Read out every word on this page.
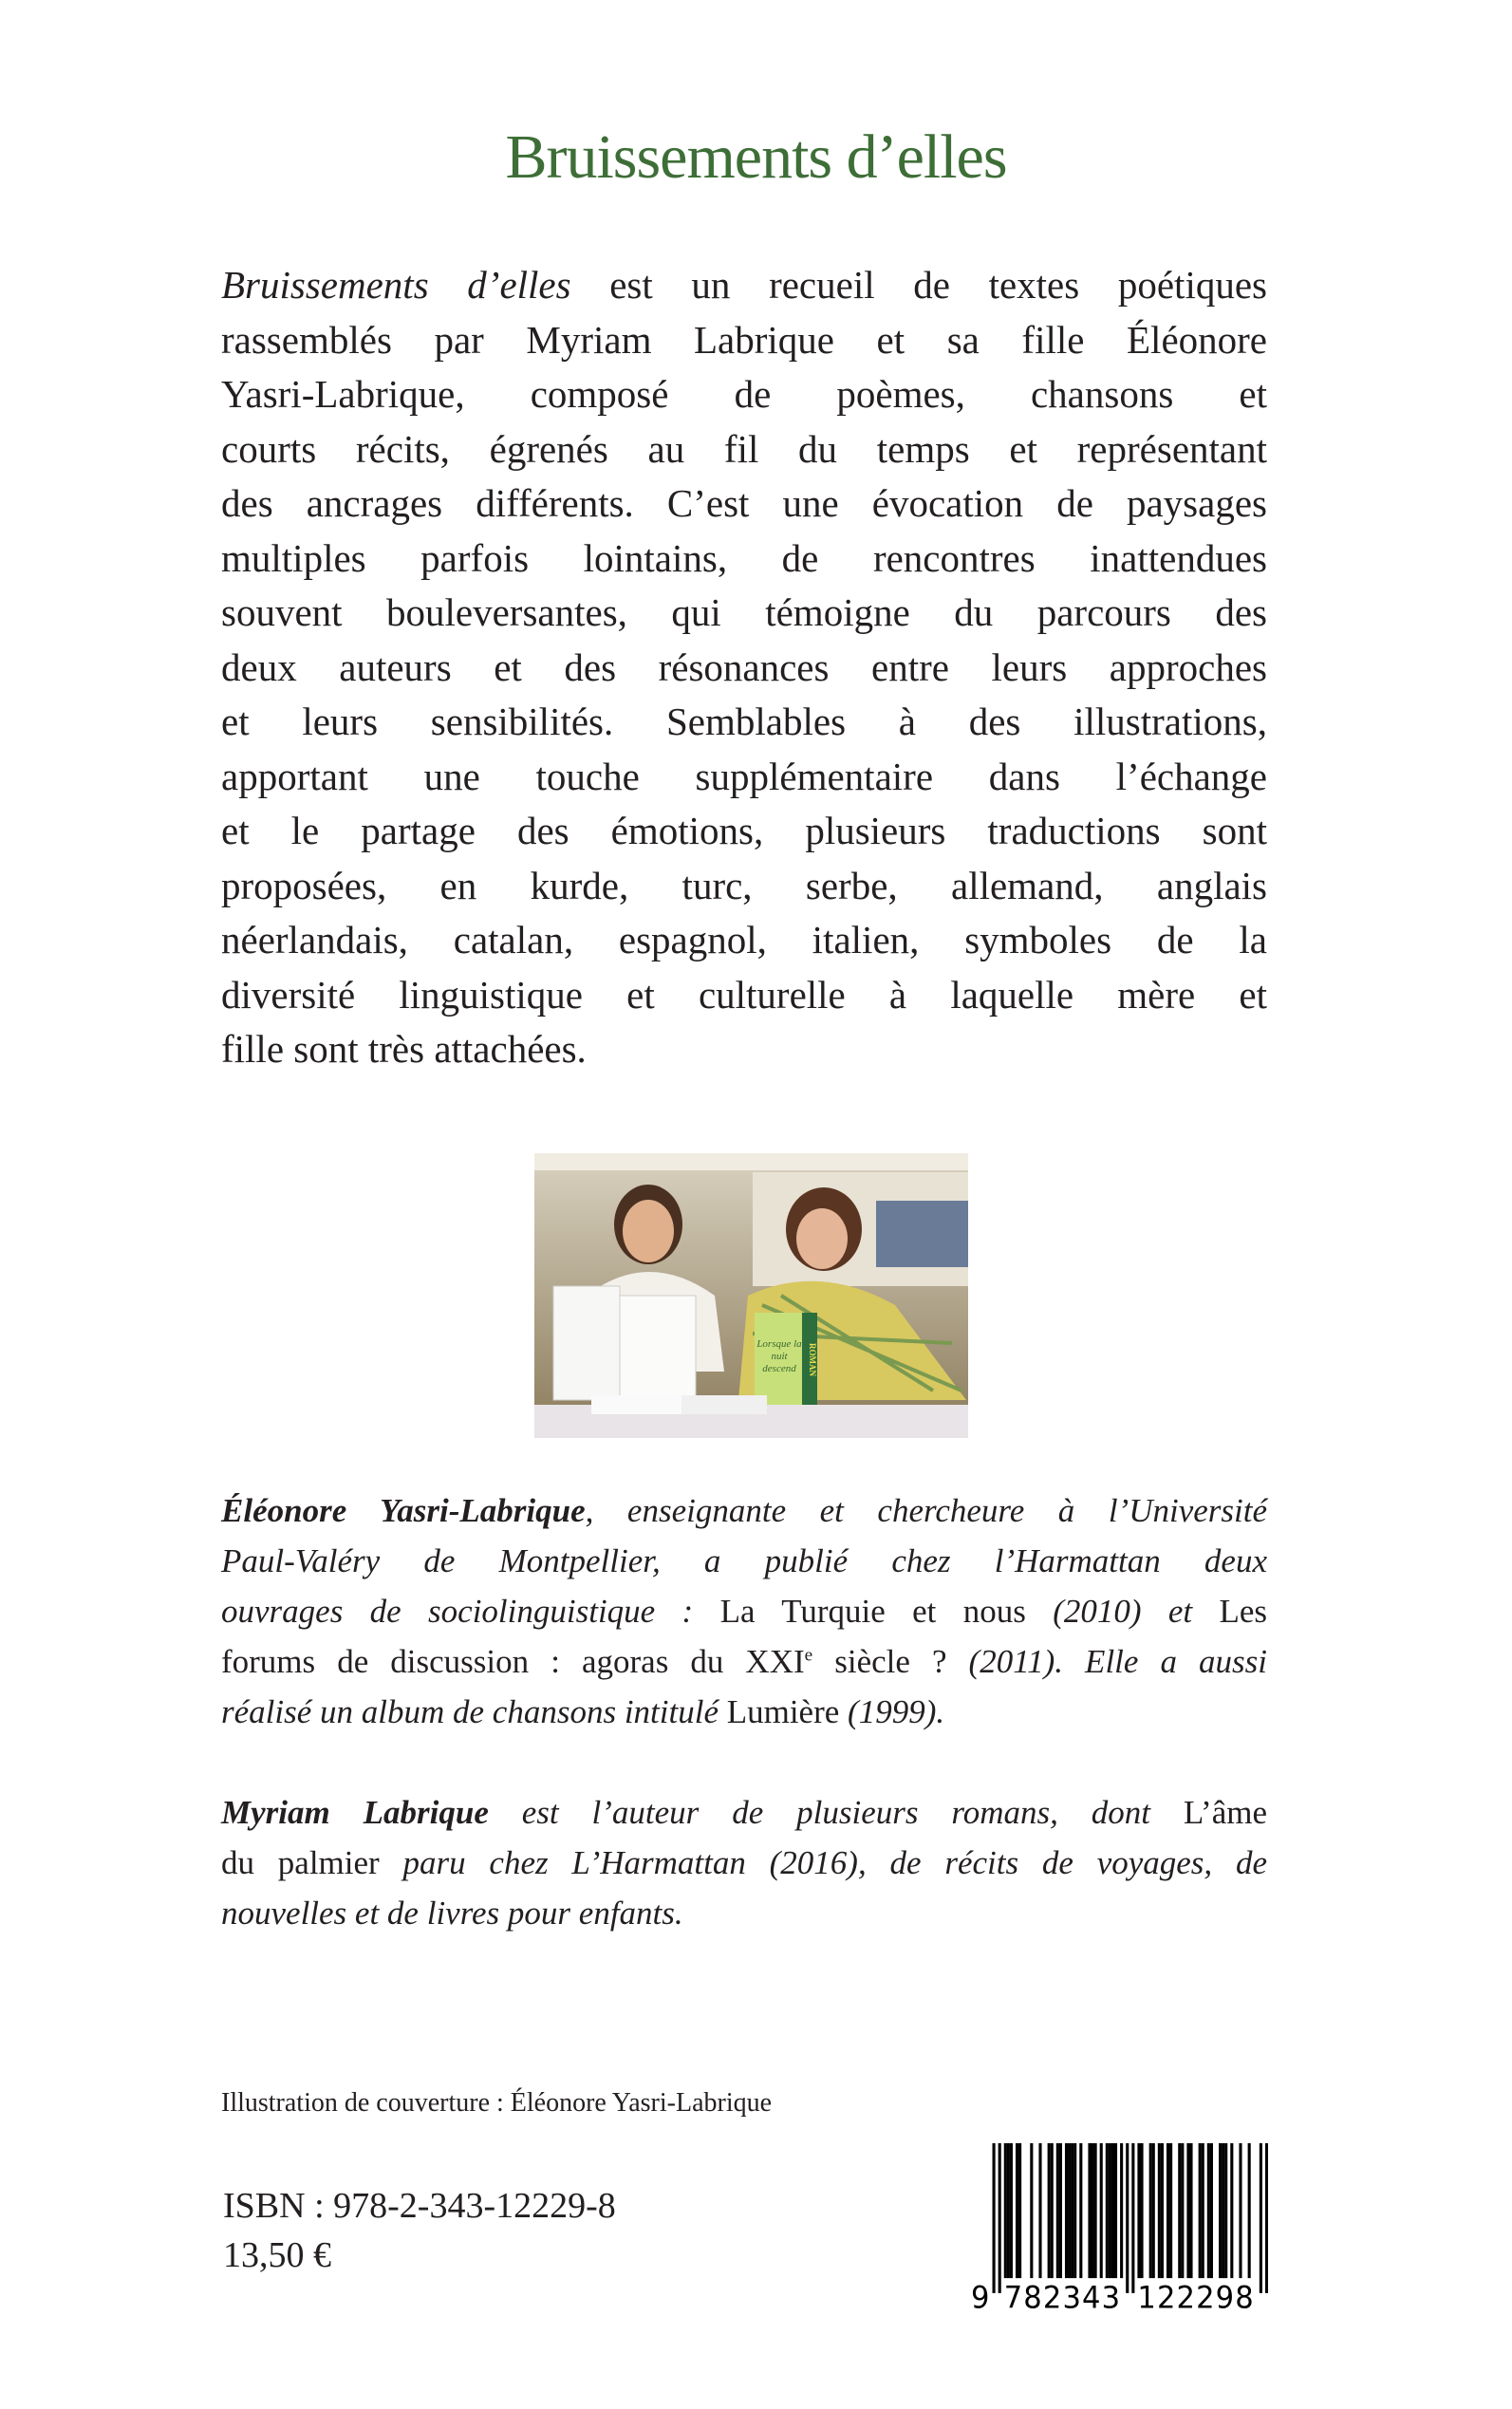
Bruissements d’elles
Bruissements d’elles est un recueil de textes poétiques
rassemblés par Myriam Labrique et sa fille Éléonore
Yasri-Labrique, composé de poèmes, chansons et
courts récits, égrenés au fil du temps et représentant
des ancrages différents. C’est une évocation de paysages
multiples parfois lointains, de rencontres inattendues
souvent bouleversantes, qui témoigne du parcours des
deux auteurs et des résonances entre leurs approches
et leurs sensibilités. Semblables à des illustrations,
apportant une touche supplémentaire dans l’échange
et le partage des émotions, plusieurs traductions sont
proposées, en kurde, turc, serbe, allemand, anglais
néerlandais, catalan, espagnol, italien, symboles de la
diversité linguistique et culturelle à laquelle mère et
fille sont très attachées.
Lorsque la nuit descend	ROMAN
Éléonore Yasri-Labrique, enseignante et chercheure à l’Université
Paul-Valéry de Montpellier, a publié chez l’Harmattan deux
ouvrages de sociolinguistique : La Turquie et nous (2010) et Les
forums de discussion : agoras du XXIe siècle ? (2011). Elle a aussi
réalisé un album de chansons intitulé Lumière (1999).
Myriam Labrique est l’auteur de plusieurs romans, dont L’âme
du palmier paru chez L’Harmattan (2016), de récits de voyages, de
nouvelles et de livres pour enfants.
Illustration de couverture : Éléonore Yasri-Labrique
ISBN : 978-2-343-12229-8
13,50 €
9 782343 122298
